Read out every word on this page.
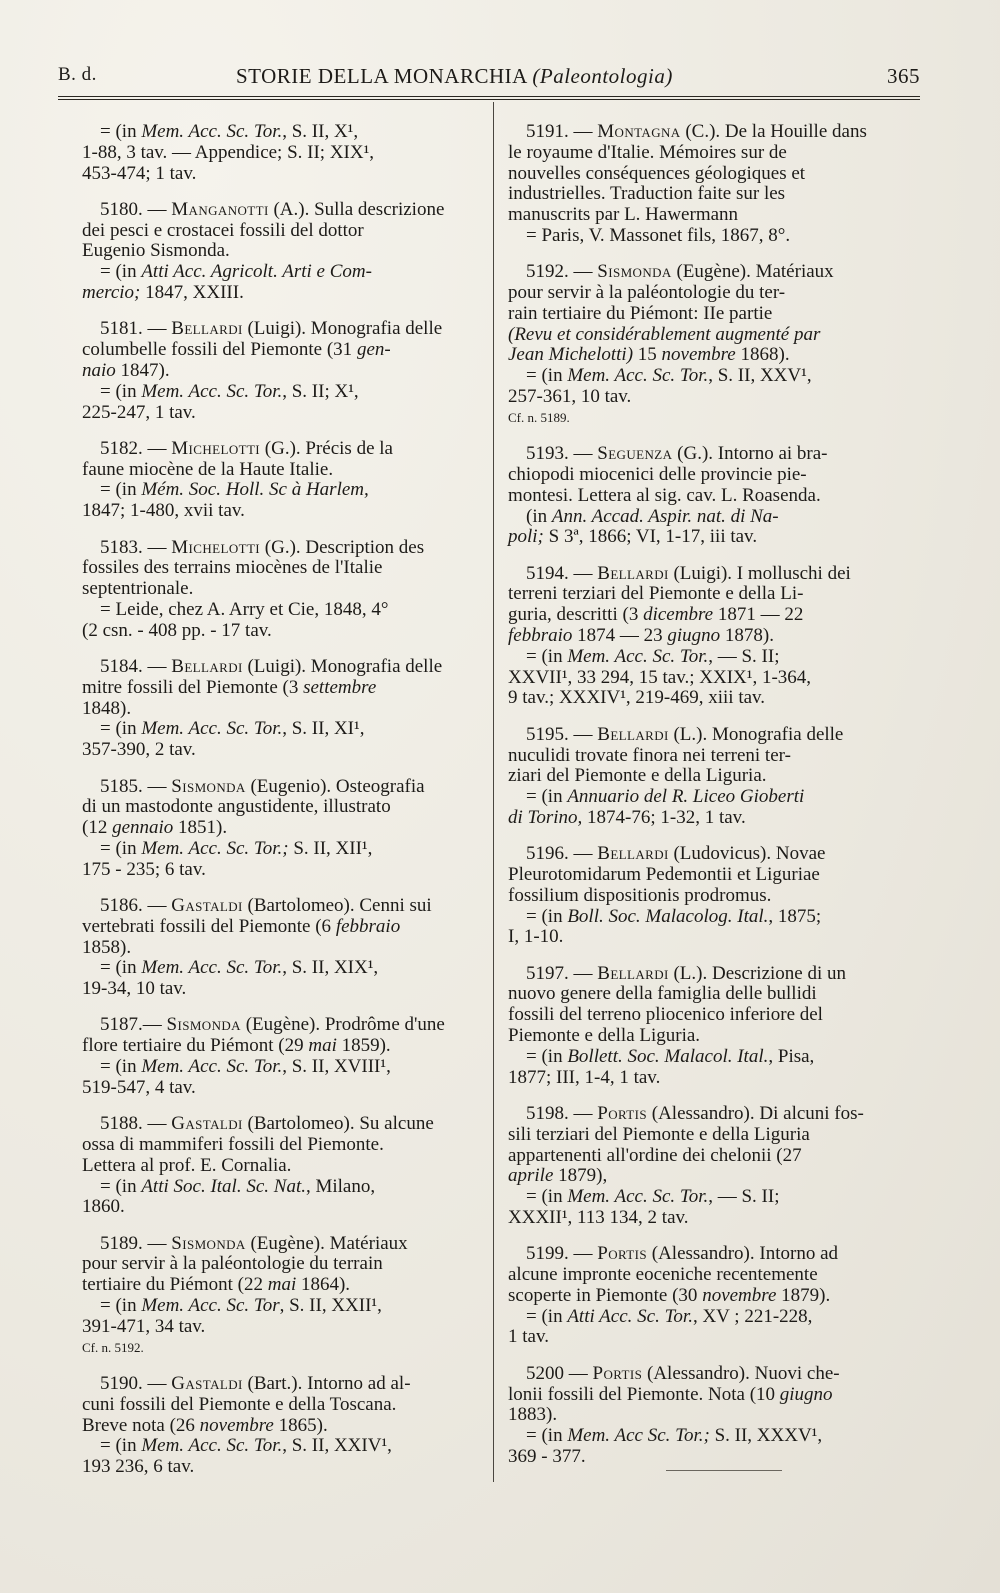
B. d.	STORIE DELLA MONARCHIA (Paleontologia)	365

= (in Mem. Acc. Sc. Tor., S. II, X¹,

1-88, 3 tav. — Appendice; S. II; XIX¹,

453-474; 1 tav.

5180. — Manganotti (A.). Sulla descrizione

dei pesci e crostacei fossili del dottor

Eugenio Sismonda.

= (in Atti Acc. Agricolt. Arti e Com-

mercio; 1847, XXIII.

5181. — Bellardi (Luigi). Monografia delle

columbelle fossili del Piemonte (31 gen-

naio 1847).

= (in Mem. Acc. Sc. Tor., S. II; X¹,

225-247, 1 tav.

5182. — Michelotti (G.). Précis de la

faune miocène de la Haute Italie.

= (in Mém. Soc. Holl. Sc à Harlem,

1847; 1-480, xvii tav.

5183. — Michelotti (G.). Description des

fossiles des terrains miocènes de l'Italie

septentrionale.

= Leide, chez A. Arry et Cie, 1848, 4°

(2 csn. - 408 pp. - 17 tav.

5184. — Bellardi (Luigi). Monografia delle

mitre fossili del Piemonte (3 settembre

1848).

= (in Mem. Acc. Sc. Tor., S. II, XI¹,

357-390, 2 tav.

5185. — Sismonda (Eugenio). Osteografia

di un mastodonte angustidente, illustrato

(12 gennaio 1851).

= (in Mem. Acc. Sc. Tor.; S. II, XII¹,

175 - 235; 6 tav.

5186. — Gastaldi (Bartolomeo). Cenni sui

vertebrati fossili del Piemonte (6 febbraio

1858).

= (in Mem. Acc. Sc. Tor., S. II, XIX¹,

19-34, 10 tav.

5187.— Sismonda (Eugène). Prodrôme d'une

flore tertiaire du Piémont (29 mai 1859).

= (in Mem. Acc. Sc. Tor., S. II, XVIII¹,

519-547, 4 tav.

5188. — Gastaldi (Bartolomeo). Su alcune

ossa di mammiferi fossili del Piemonte.

Lettera al prof. E. Cornalia.

= (in Atti Soc. Ital. Sc. Nat., Milano,

1860.

5189. — Sismonda (Eugène). Matériaux

pour servir à la paléontologie du terrain

tertiaire du Piémont (22 mai 1864).

= (in Mem. Acc. Sc. Tor, S. II, XXII¹,

391-471, 34 tav.

Cf. n. 5192.

5190. — Gastaldi (Bart.). Intorno ad al-

cuni fossili del Piemonte e della Toscana.

Breve nota (26 novembre 1865).

= (in Mem. Acc. Sc. Tor., S. II, XXIV¹,

193 236, 6 tav.

5191. — Montagna (C.). De la Houille dans

le royaume d'Italie. Mémoires sur de

nouvelles conséquences géologiques et

industrielles. Traduction faite sur les

manuscrits par L. Hawermann

= Paris, V. Massonet fils, 1867, 8°.

5192. — Sismonda (Eugène). Matériaux

pour servir à la paléontologie du ter-

rain tertiaire du Piémont: IIe partie

(Revu et considérablement augmenté par

Jean Michelotti) 15 novembre 1868).

= (in Mem. Acc. Sc. Tor., S. II, XXV¹,

257-361, 10 tav.

Cf. n. 5189.

5193. — Seguenza (G.). Intorno ai bra-

chiopodi miocenici delle provincie pie-

montesi. Lettera al sig. cav. L. Roasenda.

(in Ann. Accad. Aspir. nat. di Na-

poli; S 3ª, 1866; VI, 1-17, iii tav.

5194. — Bellardi (Luigi). I molluschi dei

terreni terziari del Piemonte e della Li-

guria, descritti (3 dicembre 1871 — 22

febbraio 1874 — 23 giugno 1878).

= (in Mem. Acc. Sc. Tor., — S. II;

XXVII¹, 33 294, 15 tav.; XXIX¹, 1-364,

9 tav.; XXXIV¹, 219-469, xiii tav.

5195. — Bellardi (L.). Monografia delle

nuculidi trovate finora nei terreni ter-

ziari del Piemonte e della Liguria.

= (in Annuario del R. Liceo Gioberti

di Torino, 1874-76; 1-32, 1 tav.

5196. — Bellardi (Ludovicus). Novae

Pleurotomidarum Pedemontii et Liguriae

fossilium dispositionis prodromus.

= (in Boll. Soc. Malacolog. Ital., 1875;

I, 1-10.

5197. — Bellardi (L.). Descrizione di un

nuovo genere della famiglia delle bullidi

fossili del terreno pliocenico inferiore del

Piemonte e della Liguria.

= (in Bollett. Soc. Malacol. Ital., Pisa,

1877; III, 1-4, 1 tav.

5198. — Portis (Alessandro). Di alcuni fos-

sili terziari del Piemonte e della Liguria

appartenenti all'ordine dei chelonii (27

aprile 1879),

= (in Mem. Acc. Sc. Tor., — S. II;

XXXII¹, 113 134, 2 tav.

5199. — Portis (Alessandro). Intorno ad

alcune impronte eoceniche recentemente

scoperte in Piemonte (30 novembre 1879).

= (in Atti Acc. Sc. Tor., XV ; 221-228,

1 tav.

5200 — Portis (Alessandro). Nuovi che-

lonii fossili del Piemonte. Nota (10 giugno

1883).

= (in Mem. Acc Sc. Tor.; S. II, XXXV¹,

369 - 377.
